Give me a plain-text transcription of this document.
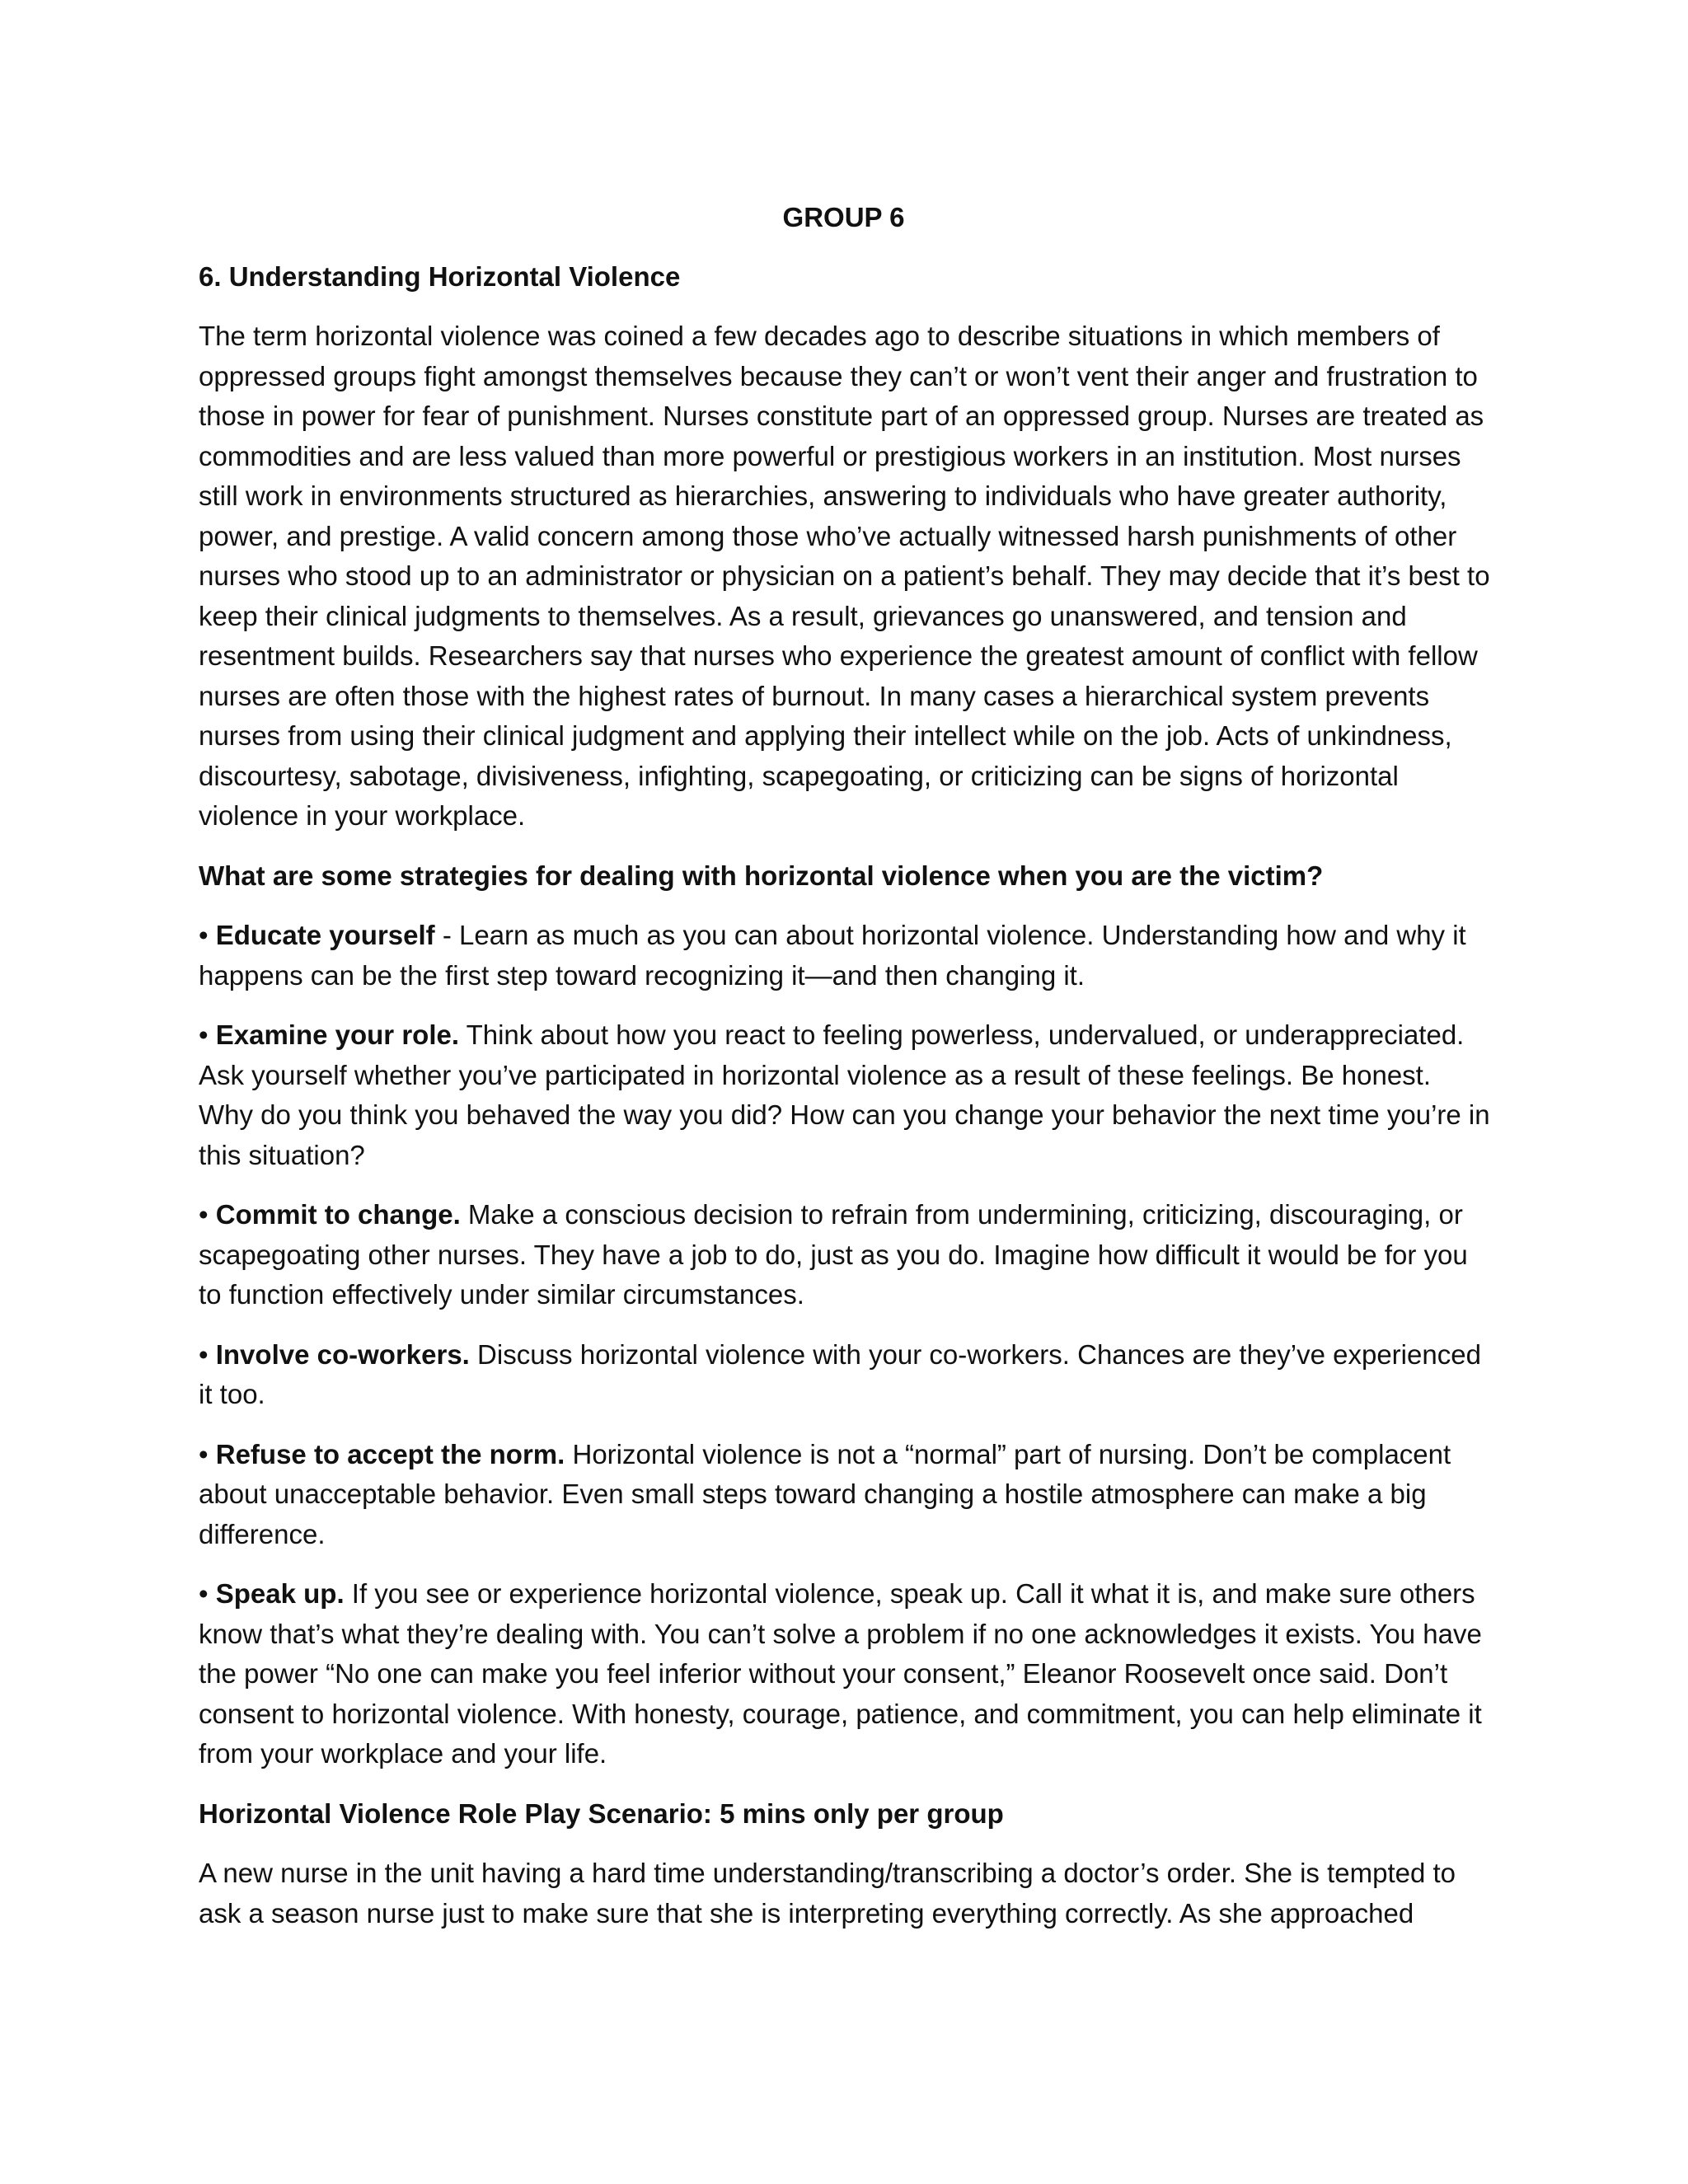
GROUP 6
6. Understanding Horizontal Violence

The term horizontal violence was coined a few decades ago to describe situations in which members of oppressed groups fight amongst themselves because they can’t or won’t vent their anger and frustration to those in power for fear of punishment. Nurses constitute part of an oppressed group. Nurses are treated as commodities and are less valued than more powerful or prestigious workers in an institution. Most nurses still work in environments structured as hierarchies, answering to individuals who have greater authority, power, and prestige. A valid concern among those who’ve actually witnessed harsh punishments of other nurses who stood up to an administrator or physician on a patient’s behalf. They may decide that it’s best to keep their clinical judgments to themselves. As a result, grievances go unanswered, and tension and resentment builds. Researchers say that nurses who experience the greatest amount of conflict with fellow nurses are often those with the highest rates of burnout. In many cases a hierarchical system prevents nurses from using their clinical judgment and applying their intellect while on the job. Acts of unkindness, discourtesy, sabotage, divisiveness, infighting, scapegoating, or criticizing can be signs of horizontal violence in your workplace.

What are some strategies for dealing with horizontal violence when you are the victim?
• Educate yourself - Learn as much as you can about horizontal violence. Understanding how and why it happens can be the first step toward recognizing it—and then changing it.
• Examine your role. Think about how you react to feeling powerless, undervalued, or underappreciated. Ask yourself whether you’ve participated in horizontal violence as a result of these feelings. Be honest. Why do you think you behaved the way you did? How can you change your behavior the next time you’re in this situation?
• Commit to change. Make a conscious decision to refrain from undermining, criticizing, discouraging, or scapegoating other nurses. They have a job to do, just as you do. Imagine how difficult it would be for you to function effectively under similar circumstances.
• Involve co-workers. Discuss horizontal violence with your co-workers. Chances are they’ve experienced it too.
• Refuse to accept the norm. Horizontal violence is not a “normal” part of nursing. Don’t be complacent about unacceptable behavior. Even small steps toward changing a hostile atmosphere can make a big difference.
• Speak up. If you see or experience horizontal violence, speak up. Call it what it is, and make sure others know that’s what they’re dealing with. You can’t solve a problem if no one acknowledges it exists. You have the power “No one can make you feel inferior without your consent,” Eleanor Roosevelt once said. Don’t consent to horizontal violence. With honesty, courage, patience, and commitment, you can help eliminate it from your workplace and your life.
Horizontal Violence Role Play Scenario: 5 mins only per group

A new nurse in the unit having a hard time understanding/transcribing a doctor’s order. She is tempted to ask a season nurse just to make sure that she is interpreting everything correctly. As she approached
